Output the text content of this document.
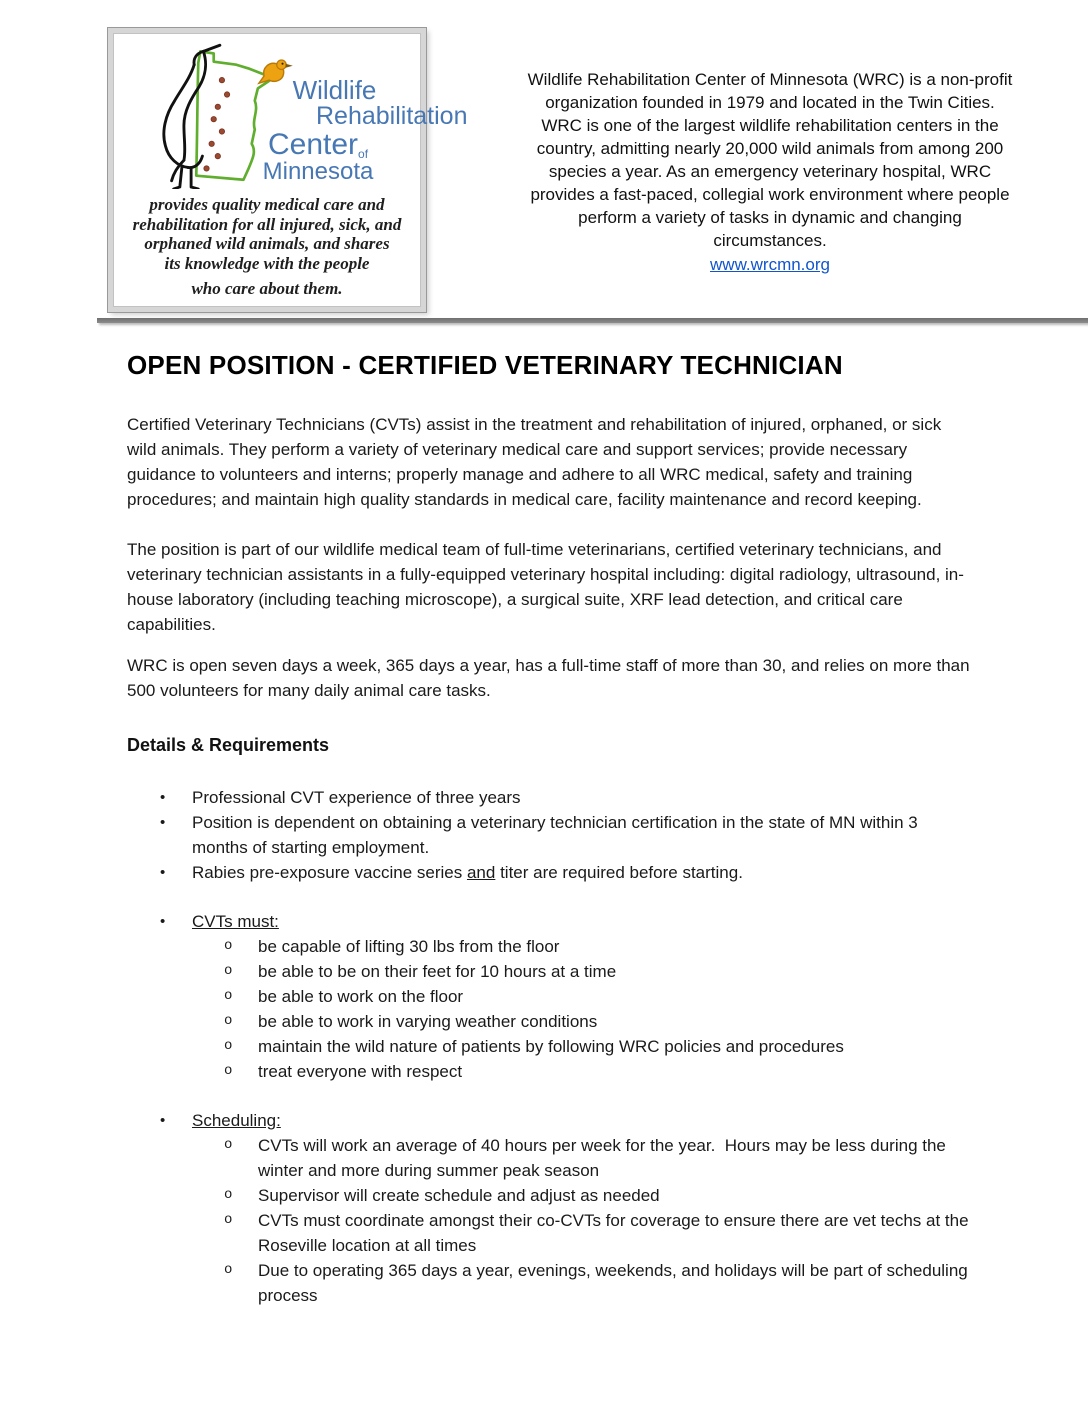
Wildlife
Rehabilitation
Centerof
Minnesota
provides quality medical care and
rehabilitation for all injured, sick, and
orphaned wild animals, and shares
its knowledge with the people
who care about them.

Wildlife Rehabilitation Center of Minnesota (WRC) is a non-profit organization founded in 1979 and located in the Twin Cities.  WRC is one of the largest wildlife rehabilitation centers in the country, admitting nearly 20,000 wild animals from among 200 species a year. As an emergency veterinary hospital, WRC provides a fast-paced, collegial work environment where people perform a variety of tasks in dynamic and changing circumstances.

www.wrcmn.org
OPEN POSITION - CERTIFIED VETERINARY TECHNICIAN

Certified Veterinary Technicians (CVTs) assist in the treatment and rehabilitation of injured, orphaned, or sick wild animals. They perform a variety of veterinary medical care and support services; provide necessary guidance to volunteers and interns; properly manage and adhere to all WRC medical, safety and training procedures; and maintain high quality standards in medical care, facility maintenance and record keeping.

The position is part of our wildlife medical team of full-time veterinarians, certified veterinary technicians, and veterinary technician assistants in a fully-equipped veterinary hospital including: digital radiology, ultrasound, in-house laboratory (including teaching microscope), a surgical suite, XRF lead detection, and critical care capabilities.

WRC is open seven days a week, 365 days a year, has a full-time staff of more than 30, and relies on more than 500 volunteers for many daily animal care tasks.

Details & Requirements
•	Professional CVT experience of three years
•	Position is dependent on obtaining a veterinary technician certification in the state of MN within 3 months of starting employment.
•	Rabies pre-exposure vaccine series and titer are required before starting.
•	CVTs must:
o	be capable of lifting 30 lbs from the floor
o	be able to be on their feet for 10 hours at a time
o	be able to work on the floor
o	be able to work in varying weather conditions
o	maintain the wild nature of patients by following WRC policies and procedures
o	treat everyone with respect
•	Scheduling:
o	CVTs will work an average of 40 hours per week for the year.  Hours may be less during the winter and more during summer peak season
o	Supervisor will create schedule and adjust as needed
o	CVTs must coordinate amongst their co-CVTs for coverage to ensure there are vet techs at the Roseville location at all times
o	Due to operating 365 days a year, evenings, weekends, and holidays will be part of scheduling process
